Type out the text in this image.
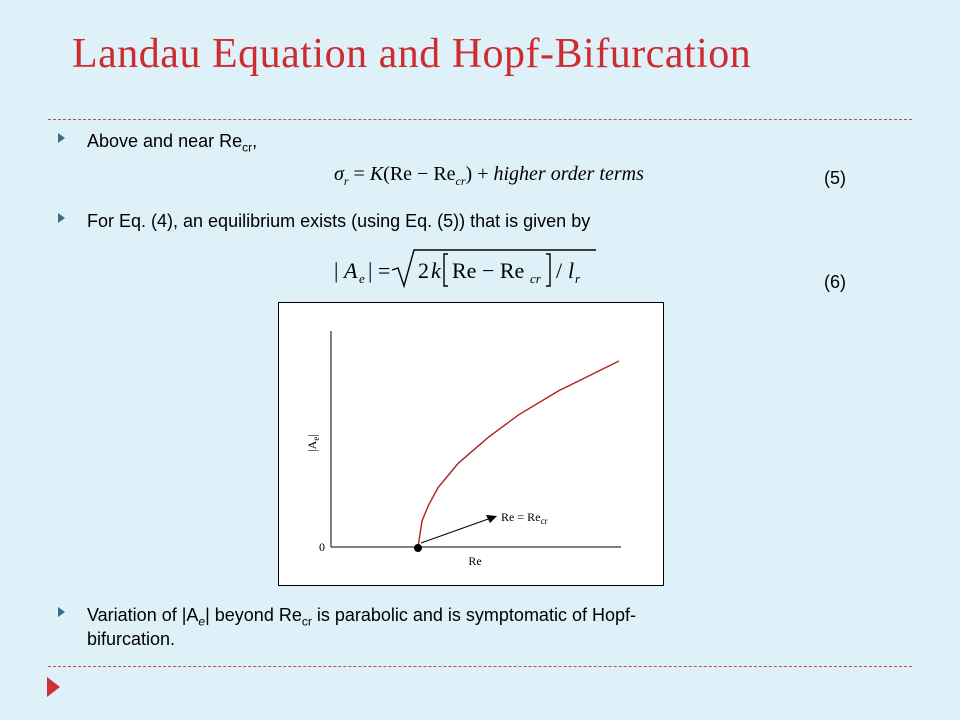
Landau Equation and Hopf-Bifurcation
Above and near $Re_{cr}$,
$\sigma_r = K(Re - Re_{cr})$ + higher order terms	(5)
For Eq. (4), an equilibrium exists (using Eq. (5)) that is given by
| A e | = 2 k Re − Re cr / l r	(6)
0
Re
$|A_e|$
$Re = Re_{cr}$
Variation of $|A_e|$ beyond $Re_{cr}$ is parabolic and is symptomatic of Hopf-
bifurcation.
